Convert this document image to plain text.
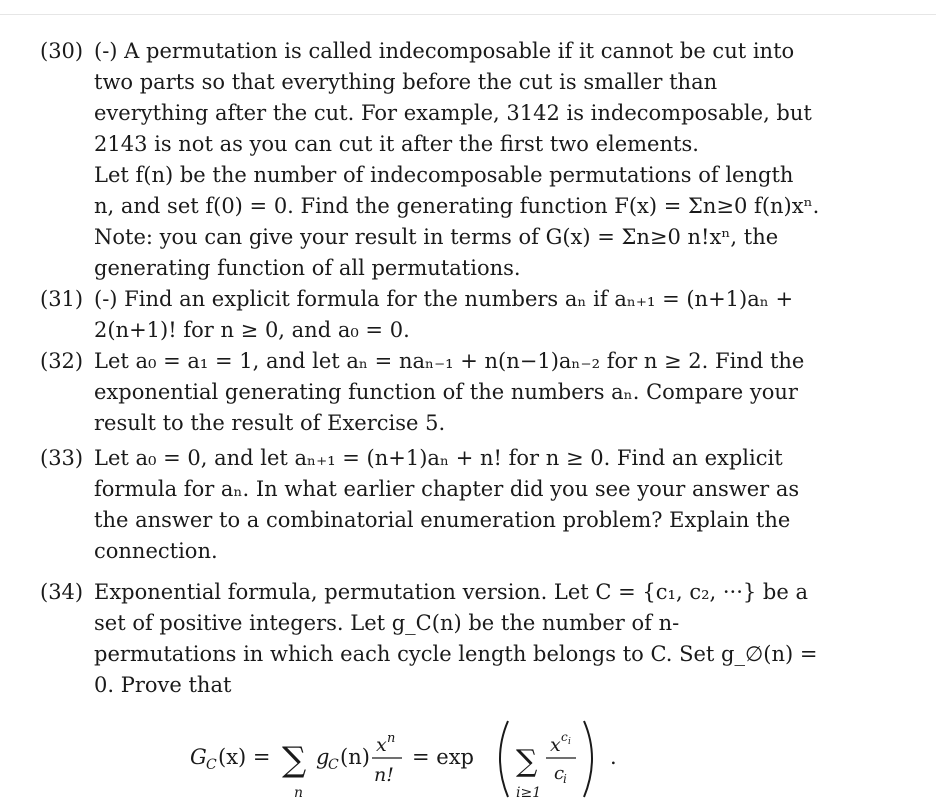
(30) (-) A permutation is called indecomposable if it cannot be cut into two parts so that everything before the cut is smaller than everything after the cut. For example, 3142 is indecomposable, but 2143 is not as you can cut it after the first two elements.
Let f(n) be the number of indecomposable permutations of length n, and set f(0) = 0. Find the generating function F(x) = Σn≥0 f(n)xⁿ. Note: you can give your result in terms of G(x) = Σn≥0 n!xⁿ, the generating function of all permutations.
(31) (-) Find an explicit formula for the numbers aₙ if aₙ₊₁ = (n+1)aₙ + 2(n+1)! for n ≥ 0, and a₀ = 0.
(32) Let a₀ = a₁ = 1, and let aₙ = naₙ₋₁ + n(n−1)aₙ₋₂ for n ≥ 2. Find the exponential generating function of the numbers aₙ. Compare your result to the result of Exercise 5.
(33) Let a₀ = 0, and let aₙ₊₁ = (n+1)aₙ + n! for n ≥ 0. Find an explicit formula for aₙ. In what earlier chapter did you see your answer as the answer to a combinatorial enumeration problem? Explain the connection.
(34) Exponential formula, permutation version. Let C = {c₁, c₂, ···} be a set of positive integers. Let g_C(n) be the number of n-permutations in which each cycle length belongs to C. Set g_∅(n) = 0. Prove that
G C (x) = ∑
n
g
C (n) x n
n!
= exp ∑
i≥1
x c i
c
i
.
